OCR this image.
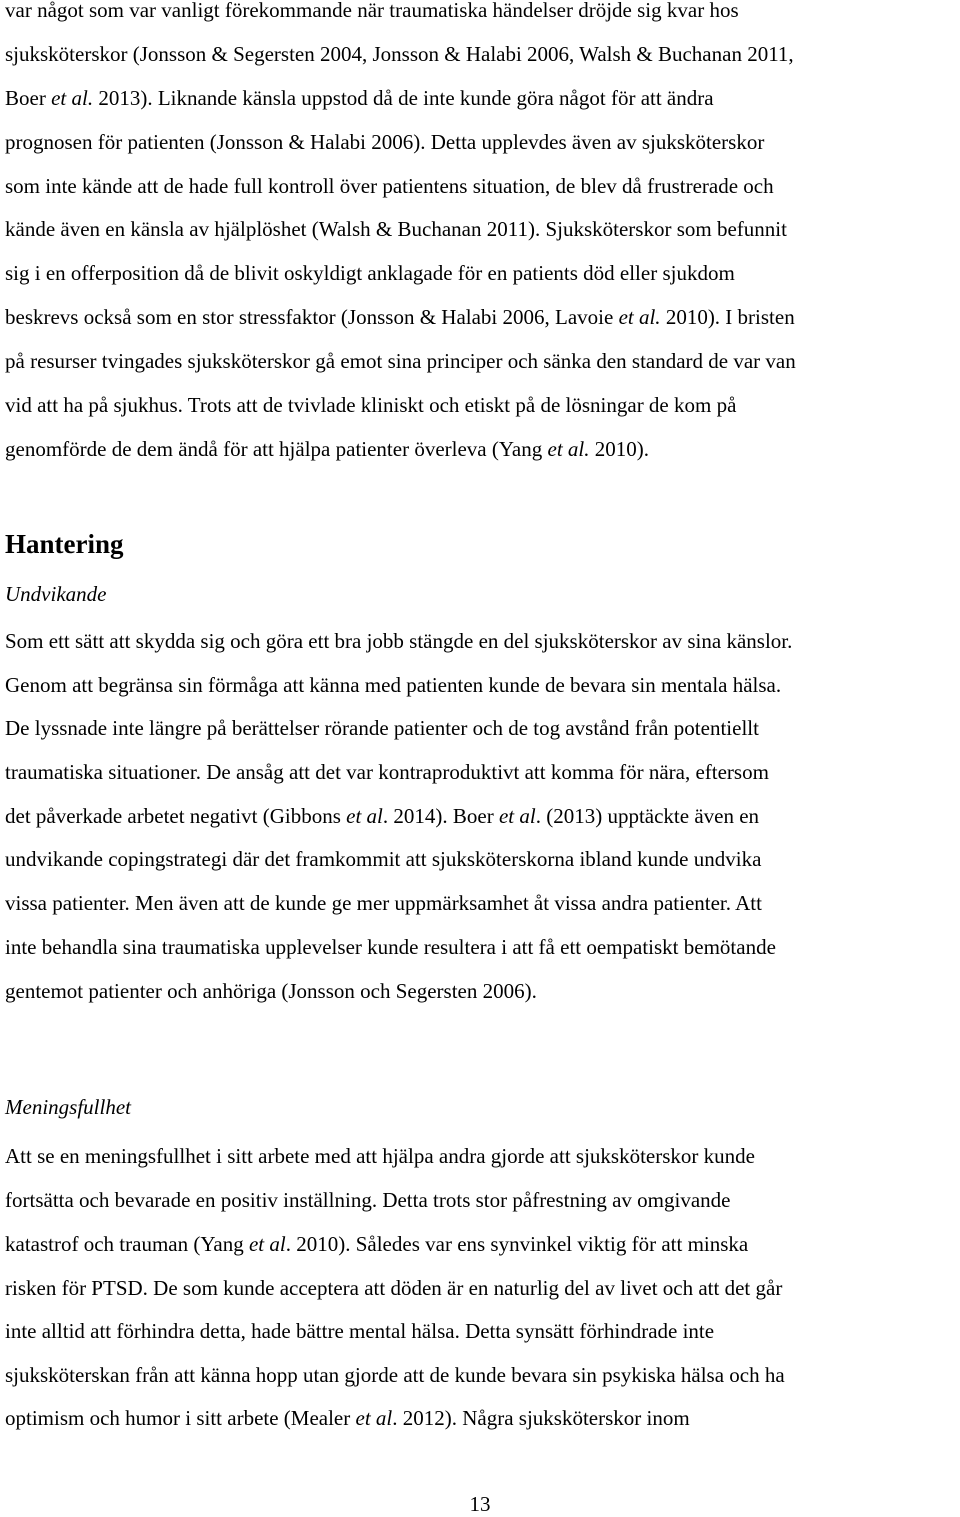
var något som var vanligt förekommande när traumatiska händelser dröjde sig kvar hos
sjuksköterskor (Jonsson & Segersten 2004, Jonsson & Halabi 2006, Walsh & Buchanan 2011,
Boer et al. 2013). Liknande känsla uppstod då de inte kunde göra något för att ändra
prognosen för patienten (Jonsson & Halabi 2006). Detta upplevdes även av sjuksköterskor
som inte kände att de hade full kontroll över patientens situation, de blev då frustrerade och
kände även en känsla av hjälplöshet (Walsh & Buchanan 2011). Sjuksköterskor som befunnit
sig i en offerposition då de blivit oskyldigt anklagade för en patients död eller sjukdom
beskrevs också som en stor stressfaktor (Jonsson & Halabi 2006, Lavoie et al. 2010). I bristen
på resurser tvingades sjuksköterskor gå emot sina principer och sänka den standard de var van
vid att ha på sjukhus. Trots att de tvivlade kliniskt och etiskt på de lösningar de kom på
genomförde de dem ändå för att hjälpa patienter överleva (Yang et al. 2010).
Hantering
Undvikande
Som ett sätt att skydda sig och göra ett bra jobb stängde en del sjuksköterskor av sina känslor.
Genom att begränsa sin förmåga att känna med patienten kunde de bevara sin mentala hälsa.
De lyssnade inte längre på berättelser rörande patienter och de tog avstånd från potentiellt
traumatiska situationer. De ansåg att det var kontraproduktivt att komma för nära, eftersom
det påverkade arbetet negativt (Gibbons et al. 2014). Boer et al. (2013) upptäckte även en
undvikande copingstrategi där det framkommit att sjuksköterskorna ibland kunde undvika
vissa patienter. Men även att de kunde ge mer uppmärksamhet åt vissa andra patienter. Att
inte behandla sina traumatiska upplevelser kunde resultera i att få ett oempatiskt bemötande
gentemot patienter och anhöriga (Jonsson och Segersten 2006).
Meningsfullhet
Att se en meningsfullhet i sitt arbete med att hjälpa andra gjorde att sjuksköterskor kunde
fortsätta och bevarade en positiv inställning. Detta trots stor påfrestning av omgivande
katastrof och trauman (Yang et al. 2010). Således var ens synvinkel viktig för att minska
risken för PTSD. De som kunde acceptera att döden är en naturlig del av livet och att det går
inte alltid att förhindra detta, hade bättre mental hälsa. Detta synsätt förhindrade inte
sjuksköterskan från att känna hopp utan gjorde att de kunde bevara sin psykiska hälsa och ha
optimism och humor i sitt arbete (Mealer et al. 2012). Några sjuksköterskor inom
13
